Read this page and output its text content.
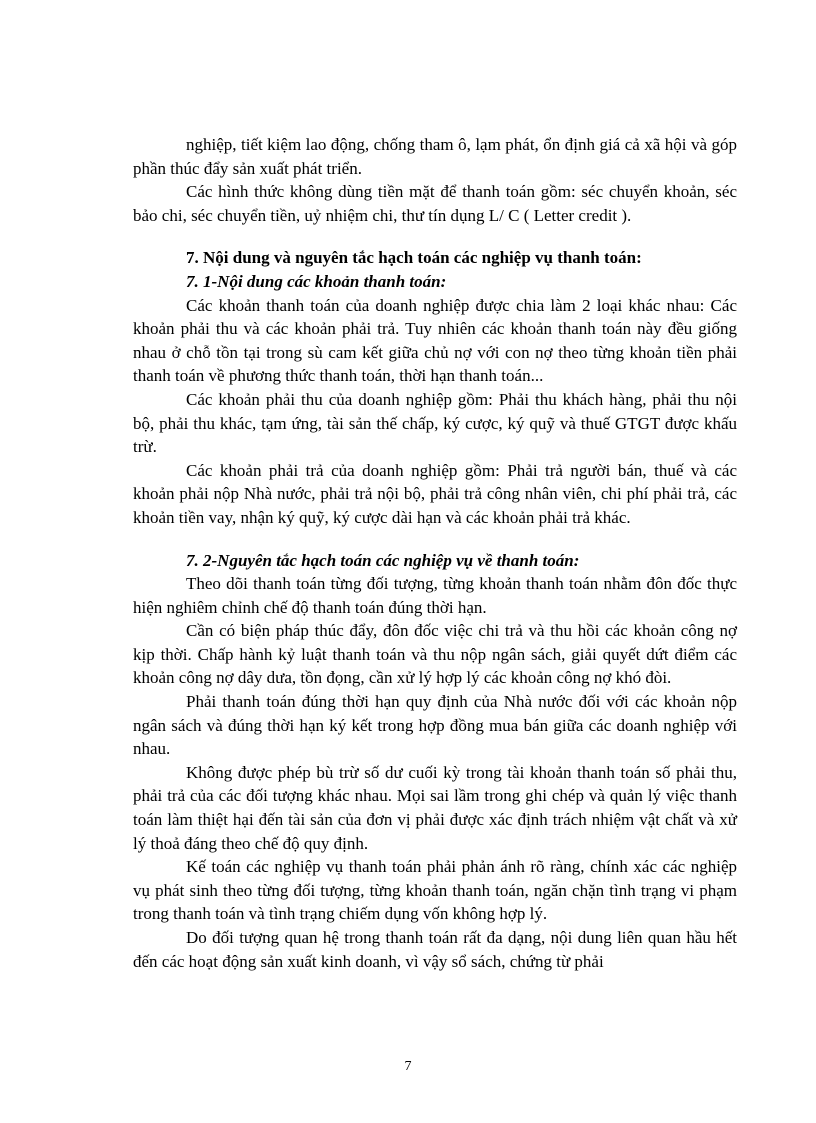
nghiệp, tiết kiệm lao động, chống tham ô, lạm phát, ổn định giá cả xã hội và góp phần thúc đẩy sản xuất phát triển.

Các hình thức không dùng tiền mặt để thanh toán gồm: séc chuyển khoản, séc bảo chi, séc chuyển tiền, uỷ nhiệm chi, thư tín dụng L/ C ( Letter credit ).

7. Nội dung và nguyên tắc hạch toán các nghiệp vụ thanh toán:

7. 1-Nội dung các khoản thanh toán:

Các khoản thanh toán của doanh nghiệp được chia làm 2 loại khác nhau: Các khoản phải thu và các khoản phải trả. Tuy nhiên các khoản thanh toán này đều giống nhau ở chỗ tồn tại trong sù cam kết giữa chủ nợ với con nợ theo từng khoản tiền phải thanh toán về phương thức thanh toán, thời hạn thanh toán...

Các khoản phải thu của doanh nghiệp gồm: Phải thu khách hàng, phải thu nội bộ, phải thu khác, tạm ứng, tài sản thế chấp, ký cược, ký quỹ và thuế GTGT được khấu trừ.

Các khoản phải trả của doanh nghiệp gồm: Phải trả người bán, thuế và các khoản phải nộp Nhà nước, phải trả nội bộ, phải trả công nhân viên, chi phí phải trả, các khoản tiền vay, nhận ký quỹ, ký cược dài hạn và các khoản phải trả khác.

7. 2-Nguyên tắc hạch toán các nghiệp vụ về thanh toán:

Theo dõi thanh toán từng đối tượng, từng khoản thanh toán nhằm đôn đốc thực hiện nghiêm chỉnh chế độ thanh toán đúng thời hạn.

Cần có biện pháp thúc đẩy, đôn đốc việc chi trả và thu hồi các khoản công nợ kịp thời. Chấp hành kỷ luật thanh toán và thu nộp ngân sách, giải quyết dứt điểm các khoản công nợ dây dưa, tồn đọng, cần xử lý hợp lý các khoản công nợ khó đòi.

Phải thanh toán đúng thời hạn quy định của Nhà nước đối với các khoản nộp ngân sách và đúng thời hạn ký kết trong hợp đồng mua bán giữa các doanh nghiệp với nhau.

Không được phép bù trừ số dư cuối kỳ trong tài khoản thanh toán số phải thu, phải trả của các đối tượng khác nhau. Mọi sai lầm trong ghi chép và quản lý việc thanh toán làm thiệt hại đến tài sản của đơn vị phải được xác định trách nhiệm vật chất và xử lý thoả đáng theo chế độ quy định.

Kế toán các nghiệp vụ thanh toán phải phản ánh rõ ràng, chính xác các nghiệp vụ phát sinh theo từng đối tượng, từng khoản thanh toán, ngăn chặn tình trạng vi phạm trong thanh toán và tình trạng chiếm dụng vốn không hợp lý.

Do đối tượng quan hệ trong thanh toán rất đa dạng, nội dung liên quan hầu hết đến các hoạt động sản xuất kinh doanh, vì vậy sổ sách, chứng từ phải

7
